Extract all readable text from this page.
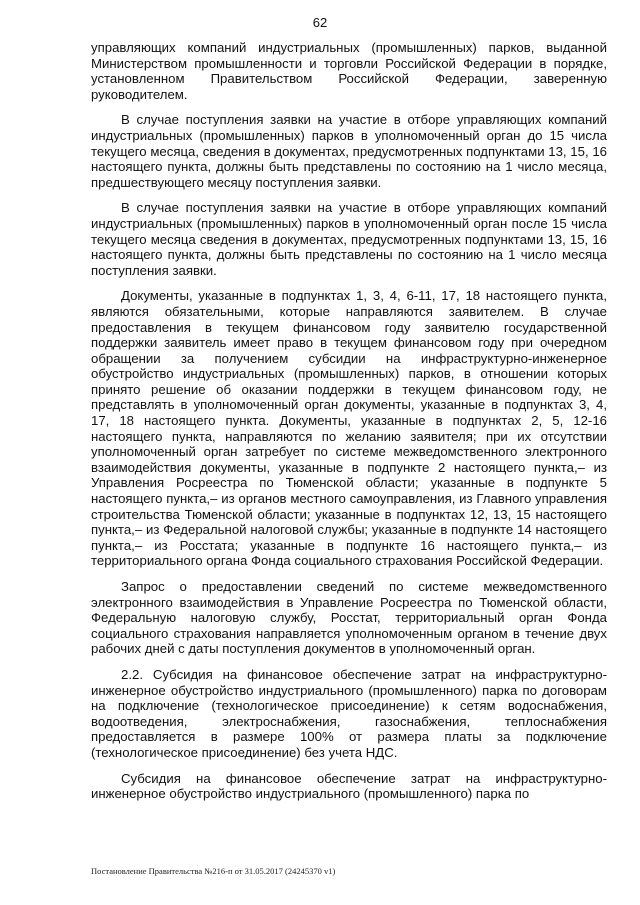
62

управляющих компаний индустриальных (промышленных) парков, выданной Министерством промышленности и торговли Российской Федерации в порядке, установленном Правительством Российской Федерации, заверенную руководителем.

В случае поступления заявки на участие в отборе управляющих компаний индустриальных (промышленных) парков в уполномоченный орган до 15 числа текущего месяца, сведения в документах, предусмотренных подпунктами 13, 15, 16 настоящего пункта, должны быть представлены по состоянию на 1 число месяца, предшествующего месяцу поступления заявки.

В случае поступления заявки на участие в отборе управляющих компаний индустриальных (промышленных) парков в уполномоченный орган после 15 числа текущего месяца сведения в документах, предусмотренных подпунктами 13, 15, 16 настоящего пункта, должны быть представлены по состоянию на 1 число месяца поступления заявки.

Документы, указанные в подпунктах 1, 3, 4, 6-11, 17, 18 настоящего пункта, являются обязательными, которые направляются заявителем. В случае предоставления в текущем финансовом году заявителю государственной поддержки заявитель имеет право в текущем финансовом году при очередном обращении за получением субсидии на инфраструктурно-инженерное обустройство индустриальных (промышленных) парков, в отношении которых принято решение об оказании поддержки в текущем финансовом году, не представлять в уполномоченный орган документы, указанные в подпунктах 3, 4, 17, 18 настоящего пункта. Документы, указанные в подпунктах 2, 5, 12-16 настоящего пункта, направляются по желанию заявителя; при их отсутствии уполномоченный орган затребует по системе межведомственного электронного взаимодействия документы, указанные в подпункте 2 настоящего пункта,– из Управления Росреестра по Тюменской области; указанные в подпункте 5 настоящего пункта,– из органов местного самоуправления, из Главного управления строительства Тюменской области; указанные в подпунктах 12, 13, 15 настоящего пункта,– из Федеральной налоговой службы; указанные в подпункте 14 настоящего пункта,– из Росстата; указанные в подпункте 16 настоящего пункта,– из территориального органа Фонда социального страхования Российской Федерации.

Запрос о предоставлении сведений по системе межведомственного электронного взаимодействия в Управление Росреестра по Тюменской области, Федеральную налоговую службу, Росстат, территориальный орган Фонда социального страхования направляется уполномоченным органом в течение двух рабочих дней с даты поступления документов в уполномоченный орган.

2.2. Субсидия на финансовое обеспечение затрат на инфраструктурно-инженерное обустройство индустриального (промышленного) парка по договорам на подключение (технологическое присоединение) к сетям водоснабжения, водоотведения, электроснабжения, газоснабжения, теплоснабжения предоставляется в размере 100% от размера платы за подключение (технологическое присоединение) без учета НДС.

Субсидия на финансовое обеспечение затрат на инфраструктурно-инженерное обустройство индустриального (промышленного) парка по

Постановление Правительства №216-п от 31.05.2017 (24245370 v1)
